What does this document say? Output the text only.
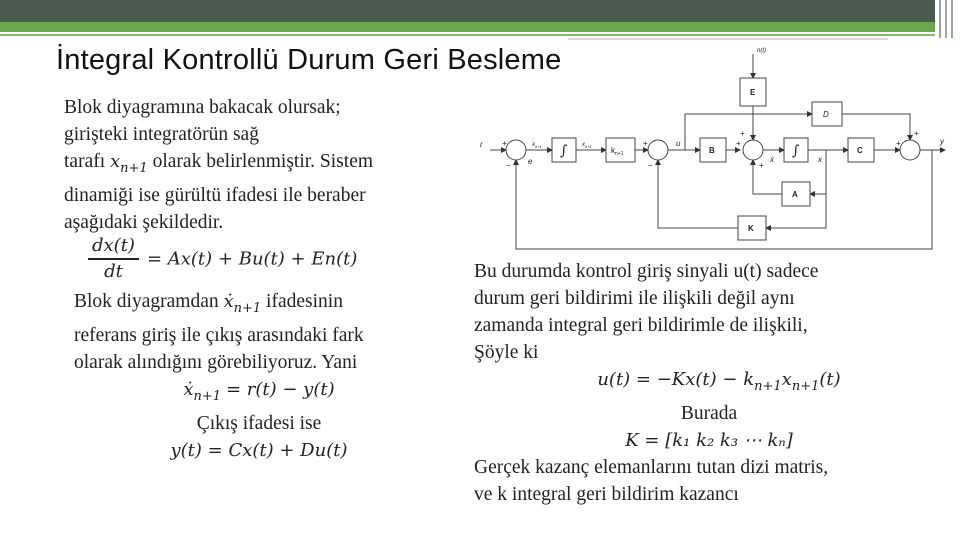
İntegral Kontrollü Durum Geri Besleme
Blok diyagramına bakacak olursak;
girişteki integratörün sağ
tarafı $x_{n+1}$ olarak belirlenmiştir. Sistem
dinamiği ise gürültü ifadesi ile beraber
aşağıdaki şekildedir.
$\frac{dx(t)}{dt} = Ax(t) + Bu(t) + En(t)$
Blok diyagramdan ẋ$_{n+1}$ ifadesinin
referans giriş ile çıkış arasındaki fark
olarak alındığını görebiliyoruz. Yani
ẋ$_{n+1}$ = r(t) − y(t)
Çıkış ifadesi ise
y(t) = Cx(t) + Du(t)
∫	$k_{n+1}$	B	∫	C
E
D
A
K
n(t)
r
e
ẋ$_{n+1}$	$x_{n+1}$	u
ẋ	x
y
+
−
+
−
+
+
+
+
+
Bu durumda kontrol giriş sinyali u(t) sadece
durum geri bildirimi ile ilişkili değil aynı
zamanda integral geri bildirimle de ilişkili,
Şöyle ki
$u(t) = -Kx(t) - k_{n+1}x_{n+1}(t)$
Burada
K = [k₁ k₂ k₃ ⋯ kₙ]
Gerçek kazanç elemanlarını tutan dizi matris,
ve k integral geri bildirim kazancı
